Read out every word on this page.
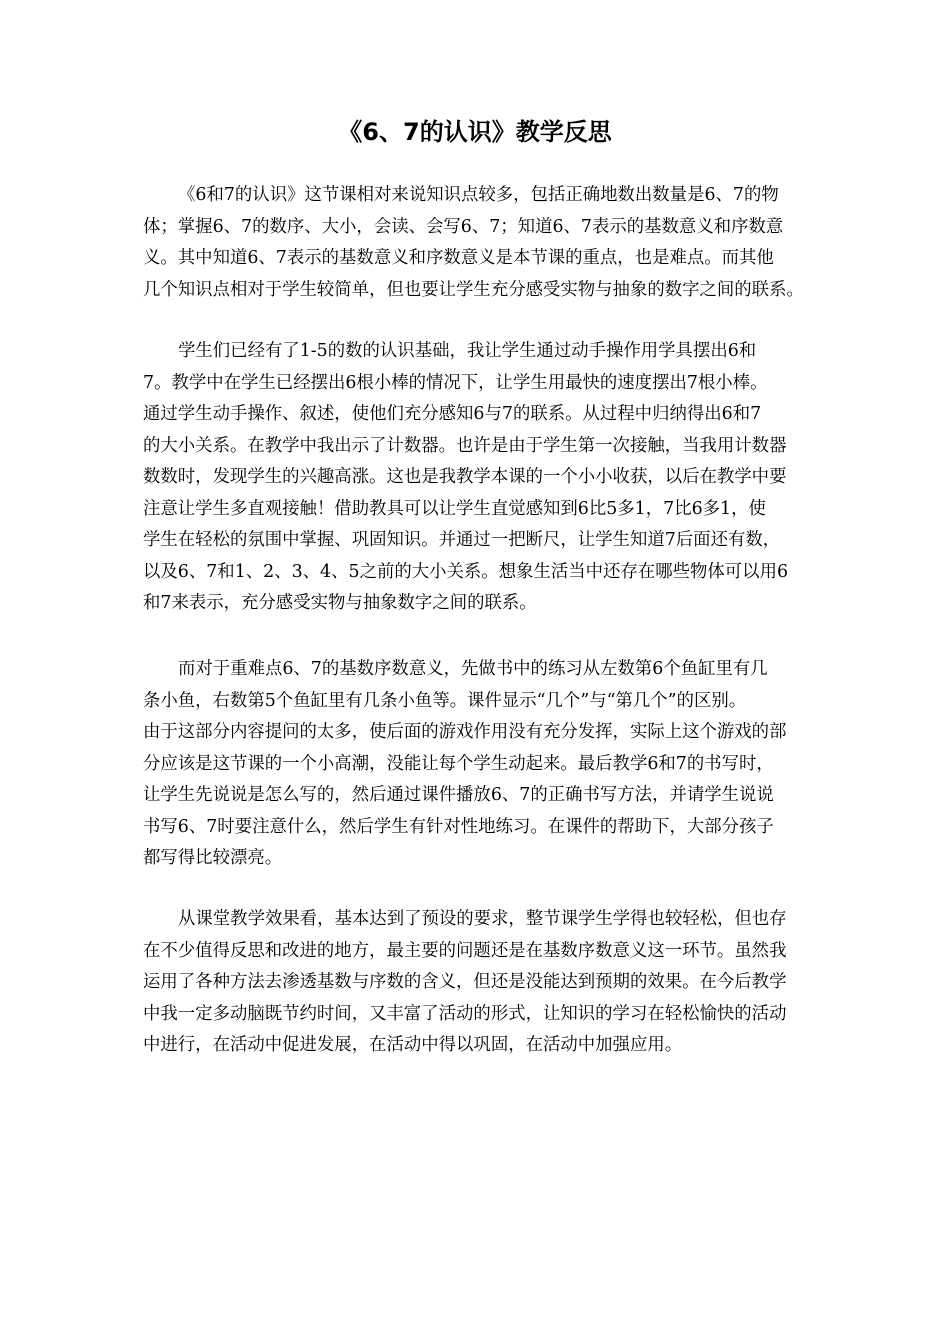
《6、7的认识》教学反思
《6和7的认识》这节课相对来说知识点较多，包括正确地数出数量是6、7的物
体；掌握6、7的数序、大小，会读、会写6、7；知道6、7表示的基数意义和序数意
义。其中知道6、7表示的基数意义和序数意义是本节课的重点，也是难点。而其他
几个知识点相对于学生较简单，但也要让学生充分感受实物与抽象的数字之间的联系。
学生们已经有了1-5的数的认识基础，我让学生通过动手操作用学具摆出6和
7。教学中在学生已经摆出6根小棒的情况下，让学生用最快的速度摆出7根小棒。
通过学生动手操作、叙述，使他们充分感知6与7的联系。从过程中归纳得出6和7
的大小关系。在教学中我出示了计数器。也许是由于学生第一次接触，当我用计数器
数数时，发现学生的兴趣高涨。这也是我教学本课的一个小小收获，以后在教学中要
注意让学生多直观接触！借助教具可以让学生直觉感知到6比5多1，7比6多1，使
学生在轻松的氛围中掌握、巩固知识。并通过一把断尺，让学生知道7后面还有数，
以及6、7和1、2、3、4、5之前的大小关系。想象生活当中还存在哪些物体可以用6
和7来表示，充分感受实物与抽象数字之间的联系。
而对于重难点6、7的基数序数意义，先做书中的练习从左数第6个鱼缸里有几
条小鱼，右数第5个鱼缸里有几条小鱼等。课件显示“几个”与“第几个”的区别。
由于这部分内容提问的太多，使后面的游戏作用没有充分发挥，实际上这个游戏的部
分应该是这节课的一个小高潮，没能让每个学生动起来。最后教学6和7的书写时，
让学生先说说是怎么写的，然后通过课件播放6、7的正确书写方法，并请学生说说
书写6、7时要注意什么，然后学生有针对性地练习。在课件的帮助下，大部分孩子
都写得比较漂亮。
从课堂教学效果看，基本达到了预设的要求，整节课学生学得也较轻松，但也存
在不少值得反思和改进的地方，最主要的问题还是在基数序数意义这一环节。虽然我
运用了各种方法去渗透基数与序数的含义，但还是没能达到预期的效果。在今后教学
中我一定多动脑既节约时间，又丰富了活动的形式，让知识的学习在轻松愉快的活动
中进行，在活动中促进发展，在活动中得以巩固，在活动中加强应用。
